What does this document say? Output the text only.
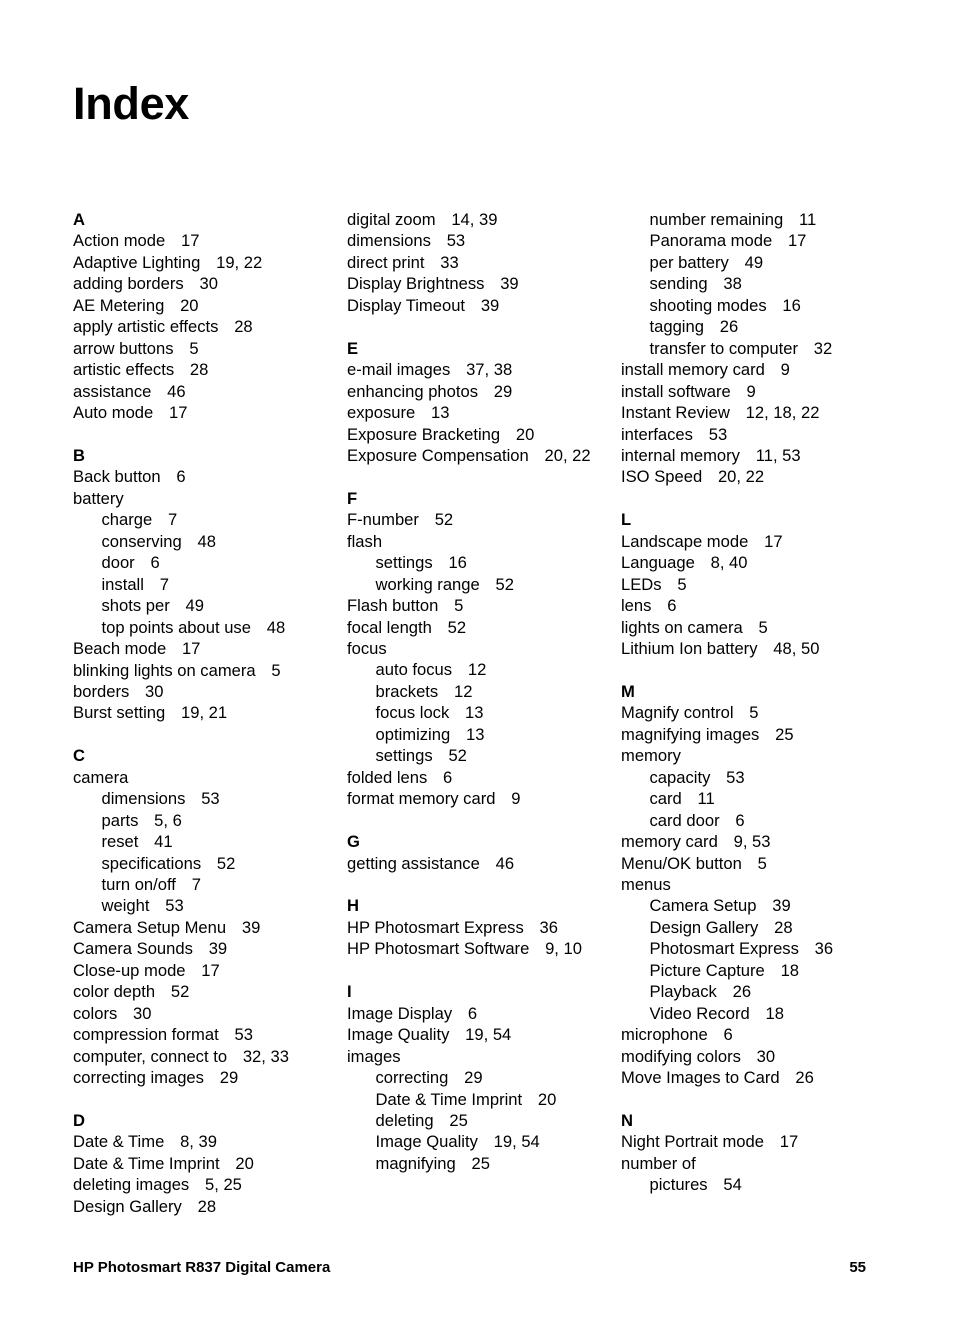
Index
A
Action mode 17
Adaptive Lighting 19, 22
adding borders 30
AE Metering 20
apply artistic effects 28
arrow buttons 5
artistic effects 28
assistance 46
Auto mode 17
B
Back button 6
battery
charge 7
conserving 48
door 6
install 7
shots per 49
top points about use 48
Beach mode 17
blinking lights on camera 5
borders 30
Burst setting 19, 21
C
camera
dimensions 53
parts 5, 6
reset 41
specifications 52
turn on/off 7
weight 53
Camera Setup Menu 39
Camera Sounds 39
Close-up mode 17
color depth 52
colors 30
compression format 53
computer, connect to 32, 33
correcting images 29
D
Date & Time 8, 39
Date & Time Imprint 20
deleting images 5, 25
Design Gallery 28
digital zoom 14, 39
dimensions 53
direct print 33
Display Brightness 39
Display Timeout 39
E
e-mail images 37, 38
enhancing photos 29
exposure 13
Exposure Bracketing 20
Exposure Compensation 20, 22
F
F-number 52
flash
settings 16
working range 52
Flash button 5
focal length 52
focus
auto focus 12
brackets 12
focus lock 13
optimizing 13
settings 52
folded lens 6
format memory card 9
G
getting assistance 46
H
HP Photosmart Express 36
HP Photosmart Software 9, 10
I
Image Display 6
Image Quality 19, 54
images
correcting 29
Date & Time Imprint 20
deleting 25
Image Quality 19, 54
magnifying 25
number remaining 11
Panorama mode 17
per battery 49
sending 38
shooting modes 16
tagging 26
transfer to computer 32
install memory card 9
install software 9
Instant Review 12, 18, 22
interfaces 53
internal memory 11, 53
ISO Speed 20, 22
L
Landscape mode 17
Language 8, 40
LEDs 5
lens 6
lights on camera 5
Lithium Ion battery 48, 50
M
Magnify control 5
magnifying images 25
memory
capacity 53
card 11
card door 6
memory card 9, 53
Menu/OK button 5
menus
Camera Setup 39
Design Gallery 28
Photosmart Express 36
Picture Capture 18
Playback 26
Video Record 18
microphone 6
modifying colors 30
Move Images to Card 26
N
Night Portrait mode 17
number of
pictures 54
HP Photosmart R837 Digital Camera	55
